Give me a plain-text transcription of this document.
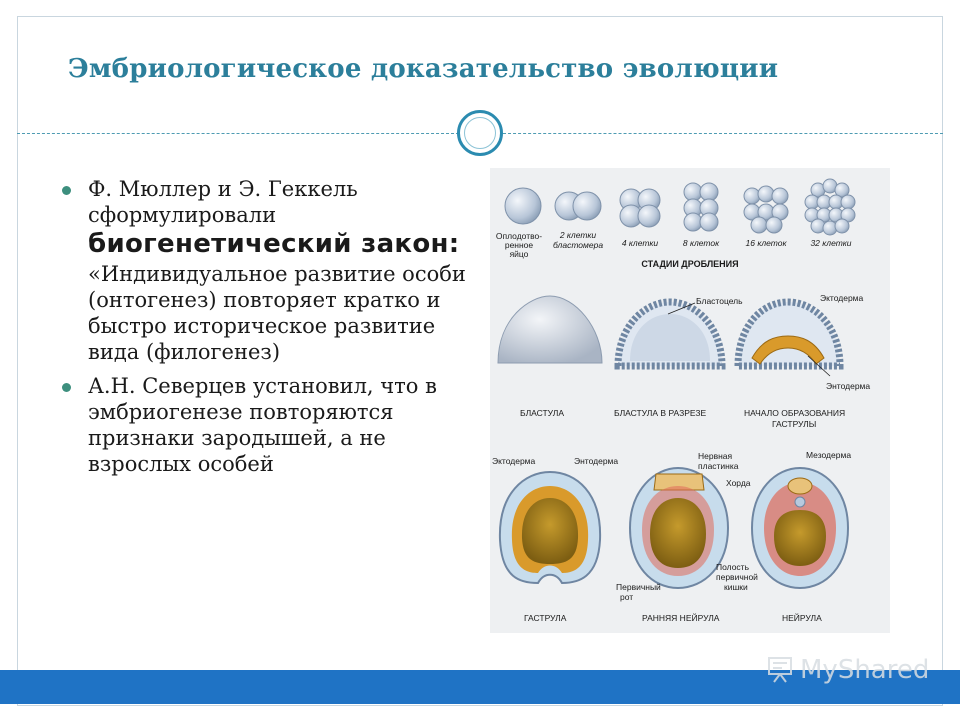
Эмбриологическое доказательство эволюции
Ф. Мюллер и Э. Геккель сформулировали
биогенетический закон:
«Индивидуальное развитие особи (онтогенез) повторяет кратко и быстро историческое развитие вида (филогенез)
А.Н. Северцев установил, что в эмбриогенезе повторяются признаки зародышей, а не взрослых особей
Оплодотво-
ренное
яйцо
2 клетки
бластомера 4 клетки	8 клеток	16 клеток	32 клетки
СТАДИИ ДРОБЛЕНИЯ
Бластоцель	Эктодерма
Энтодерма
БЛАСТУЛА	БЛАСТУЛА В РАЗРЕЗЕ	НАЧАЛО ОБРАЗОВАНИЯ
ГАСТРУЛЫ
Эктодерма	Энтодерма	Нервная
пластинка
Мезодерма
Хорда
Полость
первичной
кишки
Первичный
рот
ГАСТРУЛА	РАННЯЯ НЕЙРУЛА	НЕЙРУЛА
MyShared
